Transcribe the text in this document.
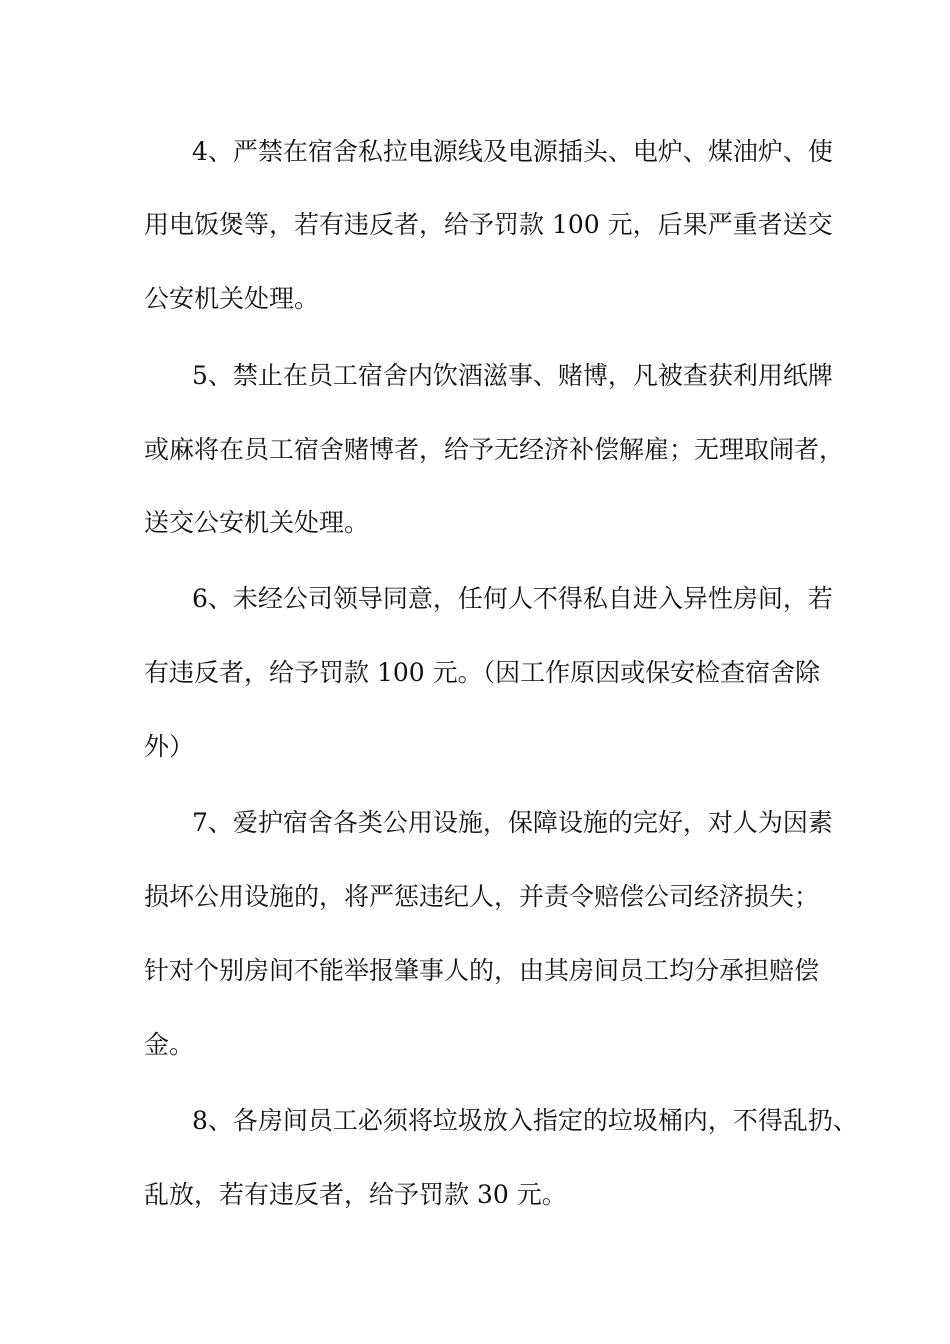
4、严禁在宿舍私拉电源线及电源插头、电炉、煤油炉、使
用电饭煲等，若有违反者，给予罚款 100 元，后果严重者送交
公安机关处理。
5、禁止在员工宿舍内饮酒滋事、赌博，凡被查获利用纸牌
或麻将在员工宿舍赌博者，给予无经济补偿解雇；无理取闹者，
送交公安机关处理。
6、未经公司领导同意，任何人不得私自进入异性房间，若
有违反者，给予罚款 100 元。（因工作原因或保安检查宿舍除
外）
7、爱护宿舍各类公用设施，保障设施的完好，对人为因素
损坏公用设施的，将严惩违纪人，并责令赔偿公司经济损失；
针对个别房间不能举报肇事人的，由其房间员工均分承担赔偿
金。
8、各房间员工必须将垃圾放入指定的垃圾桶内，不得乱扔、
乱放，若有违反者，给予罚款 30 元。
